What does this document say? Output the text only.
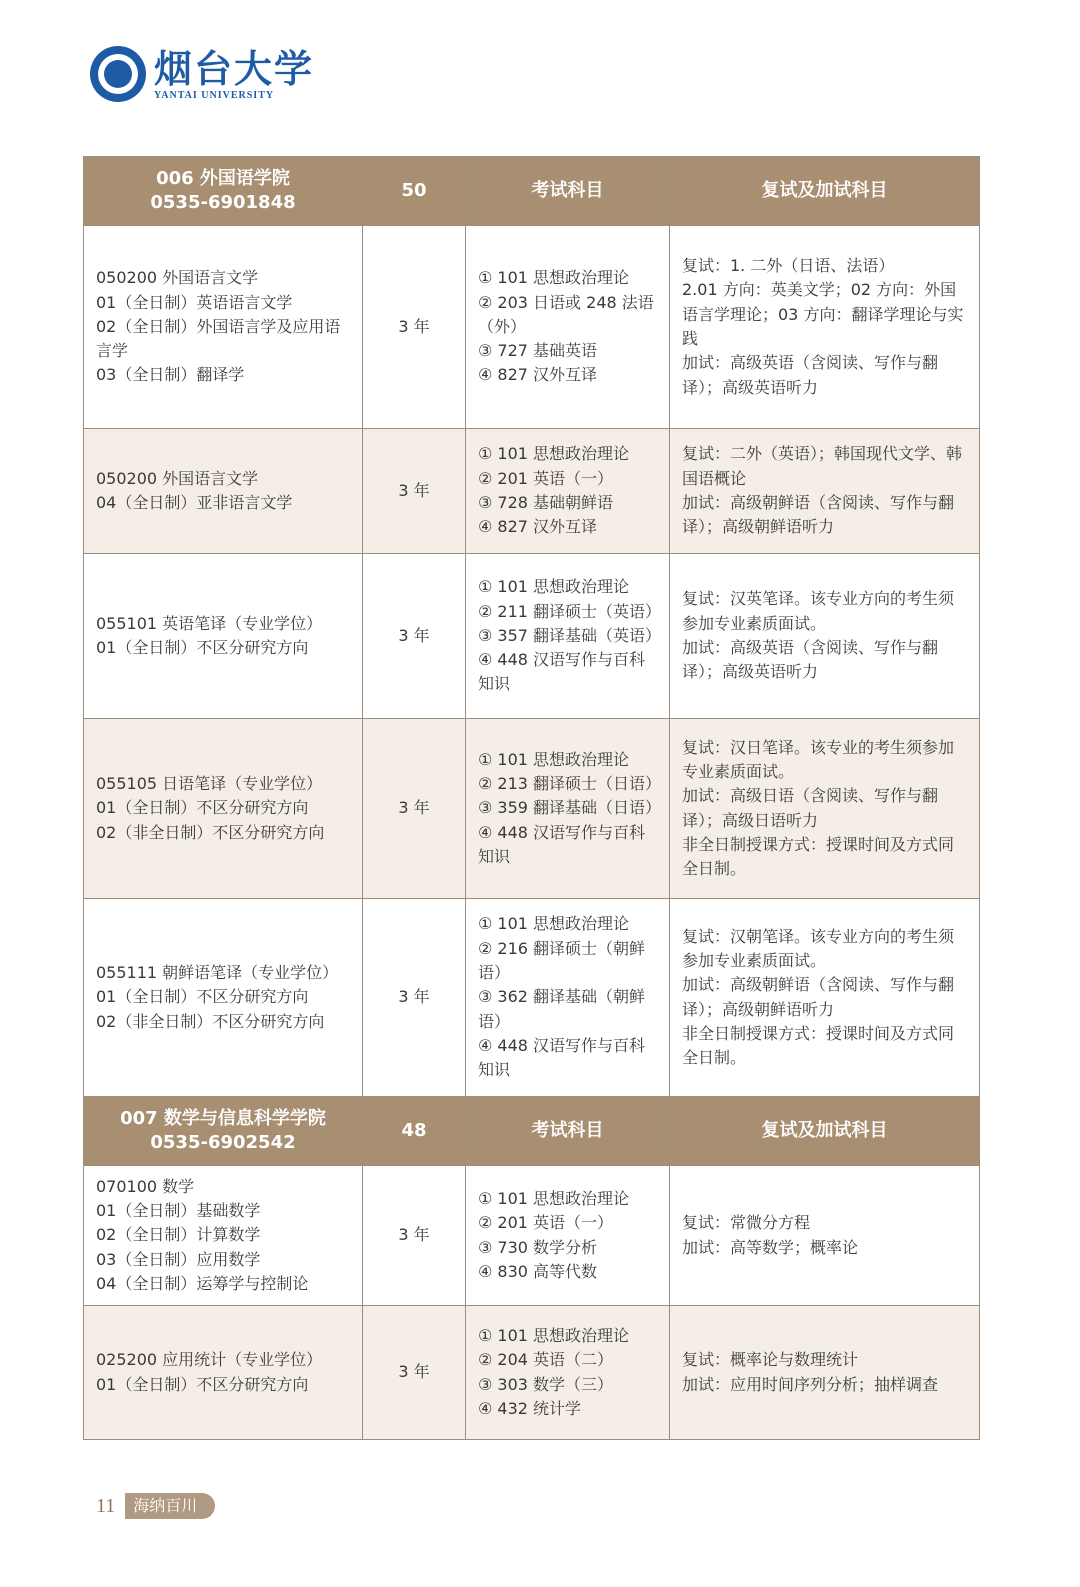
烟台大学
YANTAI UNIVERSITY
006 外国语学院
0535-6901848	50	考试科目	复试及加试科目

050200 外国语言文学
01（全日制）英语语言文学
02（全日制）外国语言学及应用语言学
03（全日制）翻译学	3 年	① 101 思想政治理论
② 203 日语或 248 法语（外）
③ 727 基础英语
④ 827 汉外互译	复试：1. 二外（日语、法语）
2.01 方向：英美文学；02 方向：外国语言学理论；03 方向：翻译学理论与实践
加试：高级英语（含阅读、写作与翻译）；高级英语听力

050200 外国语言文学
04（全日制）亚非语言文学	3 年	① 101 思想政治理论
② 201 英语（一）
③ 728 基础朝鲜语
④ 827 汉外互译	复试：二外（英语）；韩国现代文学、韩国语概论
加试：高级朝鲜语（含阅读、写作与翻译）；高级朝鲜语听力

055101 英语笔译（专业学位）
01（全日制）不区分研究方向	3 年	① 101 思想政治理论
② 211 翻译硕士（英语）
③ 357 翻译基础（英语）
④ 448 汉语写作与百科知识	复试：汉英笔译。该专业方向的考生须参加专业素质面试。
加试：高级英语（含阅读、写作与翻译）；高级英语听力

055105 日语笔译（专业学位）
01（全日制）不区分研究方向
02（非全日制）不区分研究方向	3 年	① 101 思想政治理论
② 213 翻译硕士（日语）
③ 359 翻译基础（日语）
④ 448 汉语写作与百科知识	复试：汉日笔译。该专业的考生须参加专业素质面试。
加试：高级日语（含阅读、写作与翻译）；高级日语听力
非全日制授课方式：授课时间及方式同全日制。

055111 朝鲜语笔译（专业学位）
01（全日制）不区分研究方向
02（非全日制）不区分研究方向	3 年	① 101 思想政治理论
② 216 翻译硕士（朝鲜语）
③ 362 翻译基础（朝鲜语）
④ 448 汉语写作与百科知识	复试：汉朝笔译。该专业方向的考生须参加专业素质面试。
加试：高级朝鲜语（含阅读、写作与翻译）；高级朝鲜语听力
非全日制授课方式：授课时间及方式同全日制。

007 数学与信息科学学院
0535-6902542	48	考试科目	复试及加试科目

070100 数学
01（全日制）基础数学
02（全日制）计算数学
03（全日制）应用数学
04（全日制）运筹学与控制论	3 年	① 101 思想政治理论
② 201 英语（一）
③ 730 数学分析
④ 830 高等代数	复试：常微分方程
加试：高等数学；概率论

025200 应用统计（专业学位）
01（全日制）不区分研究方向	3 年	① 101 思想政治理论
② 204 英语（二）
③ 303 数学（三）
④ 432 统计学	复试：概率论与数理统计
加试：应用时间序列分析；抽样调查
11	海纳百川
